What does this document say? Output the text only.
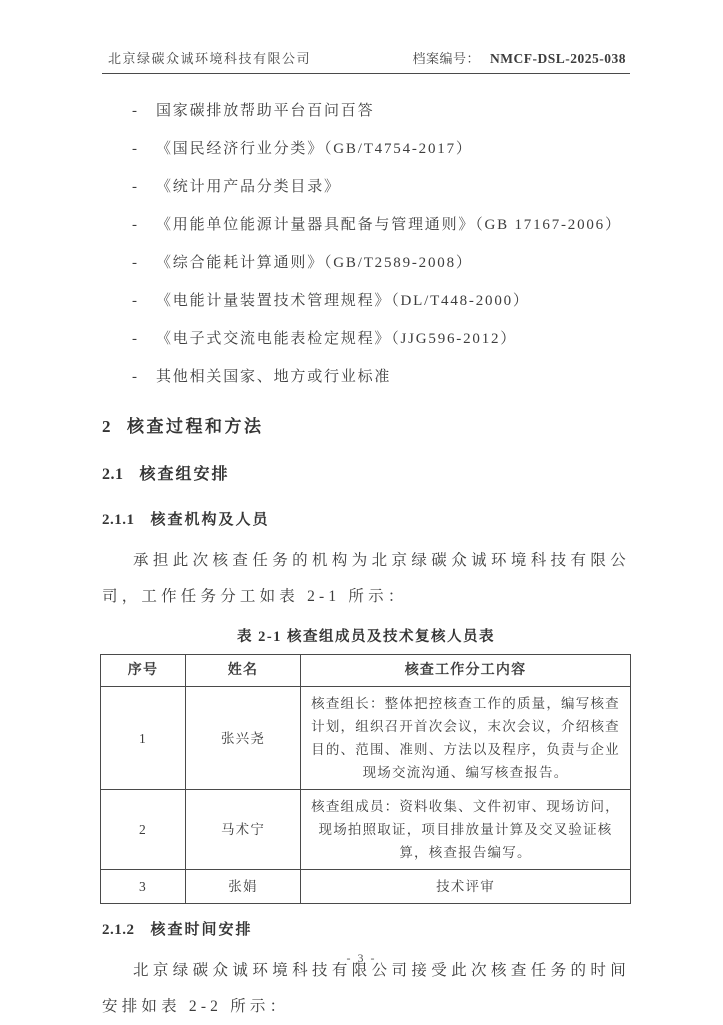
北京绿碳众诚环境科技有限公司	档案编号： NMCF-DSL-2025-038
-	国家碳排放帮助平台百问百答
-	《国民经济行业分类》（GB/T4754-2017）
-	《统计用产品分类目录》
-	《用能单位能源计量器具配备与管理通则》（GB 17167-2006）
-	《综合能耗计算通则》（GB/T2589-2008）
-	《电能计量装置技术管理规程》（DL/T448-2000）
-	《电子式交流电能表检定规程》（JJG596-2012）
-	其他相关国家、地方或行业标准
2 核查过程和方法
2.1 核查组安排
2.1.1 核查机构及人员

承担此次核查任务的机构为北京绿碳众诚环境科技有限公司，工作任务分工如表 2-1 所示：

表 2-1 核查组成员及技术复核人员表
序号	姓名	核查工作分工内容
1	张兴尧	核查组长：整体把控核查工作的质量，编写核查计划，组织召开首次会议，末次会议，介绍核查目的、范围、准则、方法以及程序，负责与企业现场交流沟通、编写核查报告。
2	马术宁	核查组成员：资料收集、文件初审、现场访问，现场拍照取证，项目排放量计算及交叉验证核算，核查报告编写。
3	张娟	技术评审
2.1.2 核查时间安排

北京绿碳众诚环境科技有限公司接受此次核查任务的时间安排如表 2-2 所示：

- 3 -
